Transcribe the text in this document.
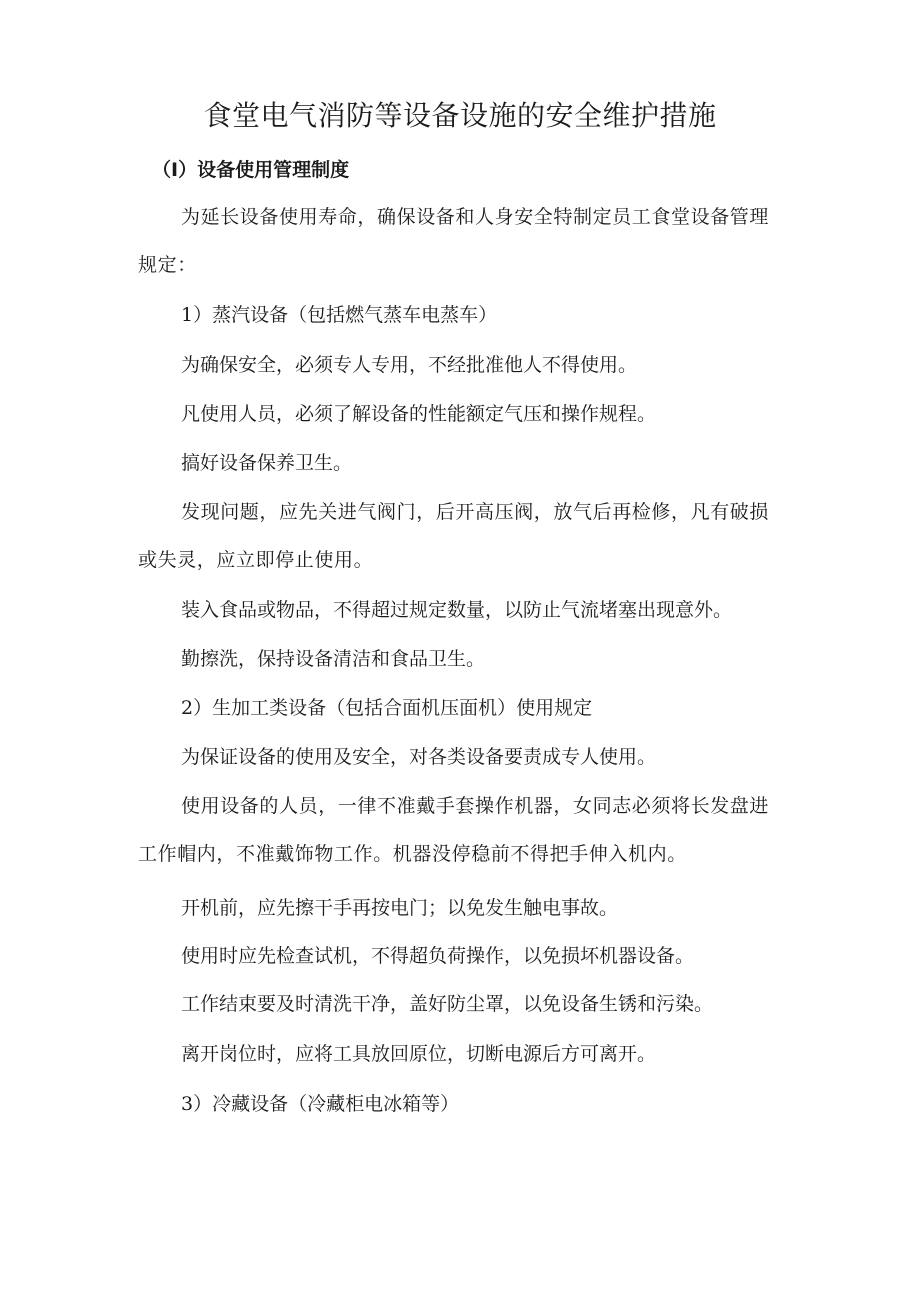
食堂电气消防等设备设施的安全维护措施
（I）设备使用管理制度

为延长设备使用寿命，确保设备和人身安全特制定员工食堂设备管理规定：

1）蒸汽设备（包括燃气蒸车电蒸车）

为确保安全，必须专人专用，不经批准他人不得使用。

凡使用人员，必须了解设备的性能额定气压和操作规程。

搞好设备保养卫生。

发现问题，应先关进气阀门，后开高压阀，放气后再检修，凡有破损或失灵，应立即停止使用。

装入食品或物品，不得超过规定数量，以防止气流堵塞出现意外。

勤擦洗，保持设备清洁和食品卫生。

2）生加工类设备（包括合面机压面机）使用规定

为保证设备的使用及安全，对各类设备要责成专人使用。

使用设备的人员，一律不准戴手套操作机器，女同志必须将长发盘进工作帽内，不准戴饰物工作。机器没停稳前不得把手伸入机内。

开机前，应先擦干手再按电门；以免发生触电事故。

使用时应先检查试机，不得超负荷操作，以免损坏机器设备。

工作结束要及时清洗干净，盖好防尘罩，以免设备生锈和污染。

离开岗位时，应将工具放回原位，切断电源后方可离开。

3）冷藏设备（冷藏柜电冰箱等）
